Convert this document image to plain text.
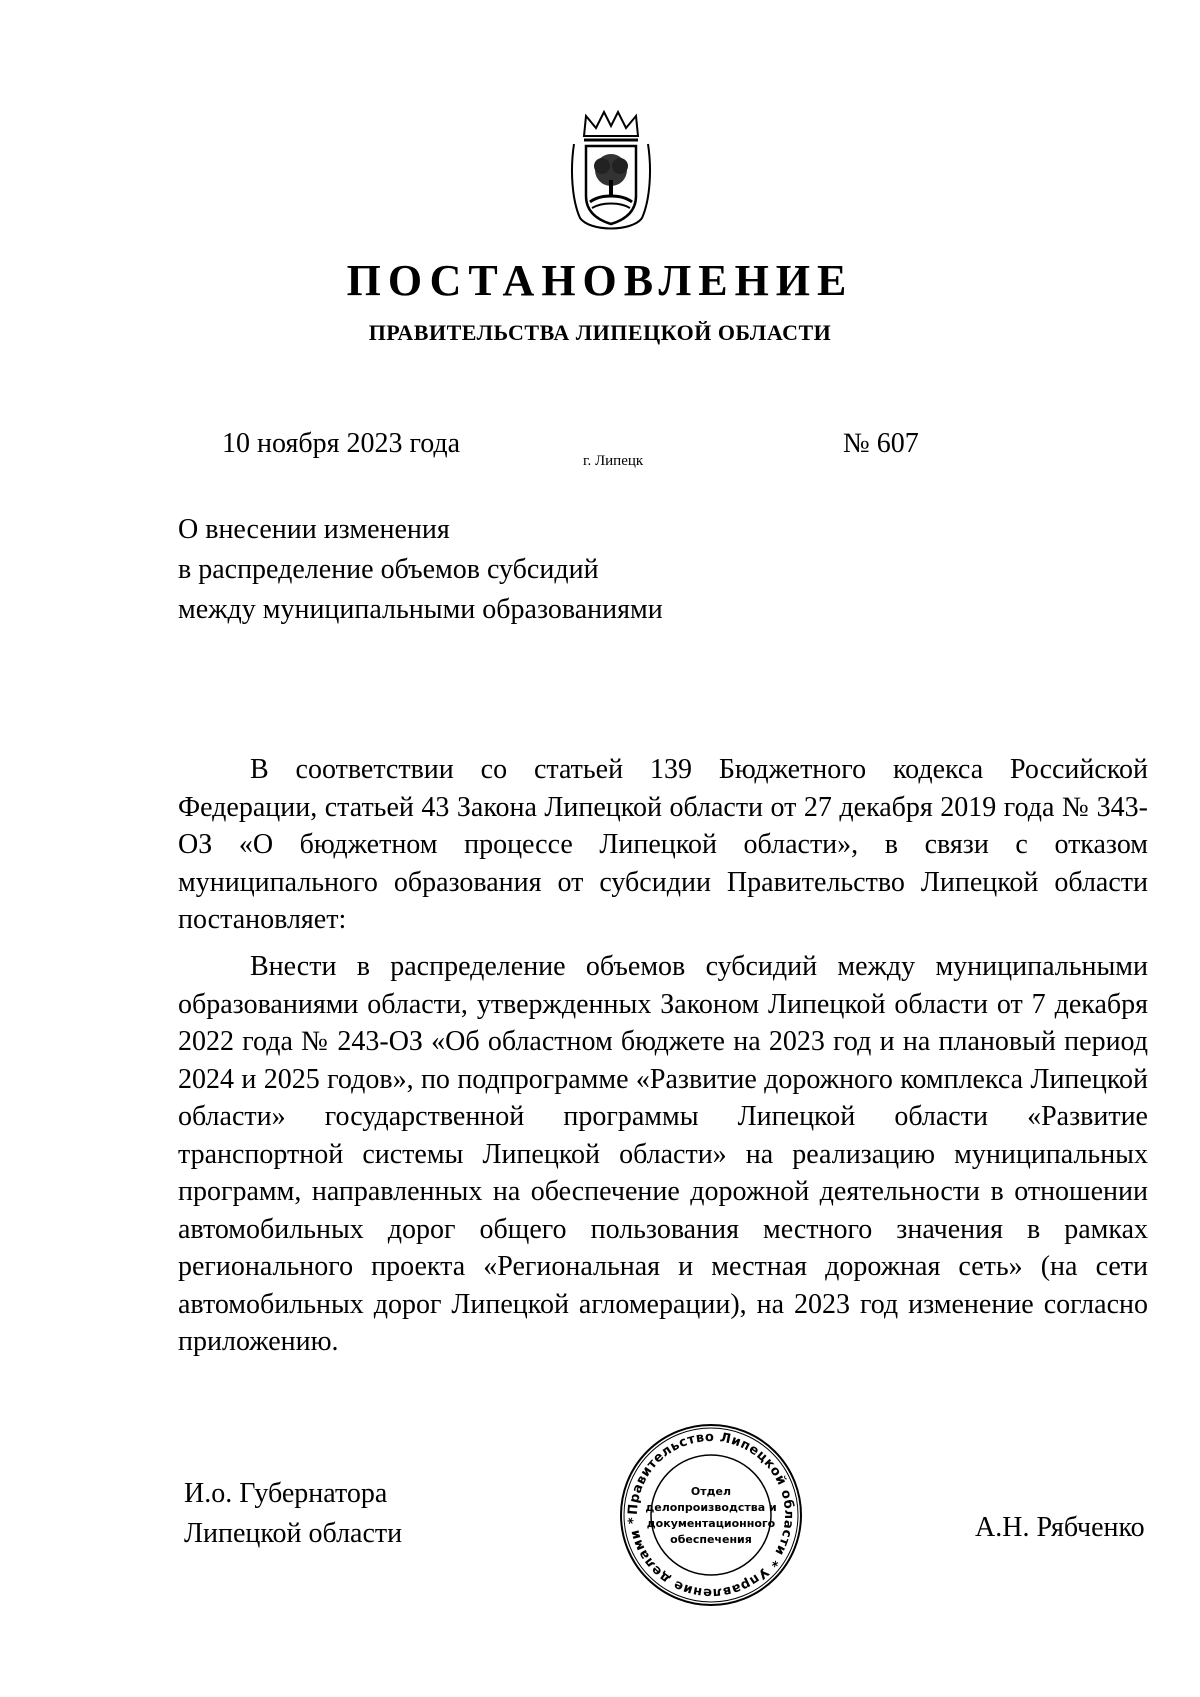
ПОСТАНОВЛЕНИЕ
ПРАВИТЕЛЬСТВА ЛИПЕЦКОЙ ОБЛАСТИ
10 ноября 2023 года
г. Липецк
№ 607
О внесении изменения
в распределение объемов субсидий
между муниципальными образованиями
В соответствии со статьей 139 Бюджетного кодекса Российской Федерации, статьей 43 Закона Липецкой области от 27 декабря 2019 года № 343-ОЗ «О бюджетном процессе Липецкой области», в связи с отказом муниципального образования от субсидии Правительство Липецкой области постановляет:
Внести в распределение объемов субсидий между муниципальными образованиями области, утвержденных Законом Липецкой области от 7 декабря 2022 года № 243-ОЗ «Об областном бюджете на 2023 год и на плановый период 2024 и 2025 годов», по подпрограмме «Развитие дорожного комплекса Липецкой области» государственной программы Липецкой области «Развитие транспортной системы Липецкой области» на реализацию муниципальных программ, направленных на обеспечение дорожной деятельности в отношении автомобильных дорог общего пользования местного значения в рамках регионального проекта «Региональная и местная дорожная сеть» (на сети автомобильных дорог Липецкой агломерации), на 2023 год изменение согласно приложению.
И.о. Губернатора
Липецкой области
Правительство Липецкой области * Управление делами *
Отдел
делопроизводства и
документационного
обеспечения	А.Н. Рябченко
